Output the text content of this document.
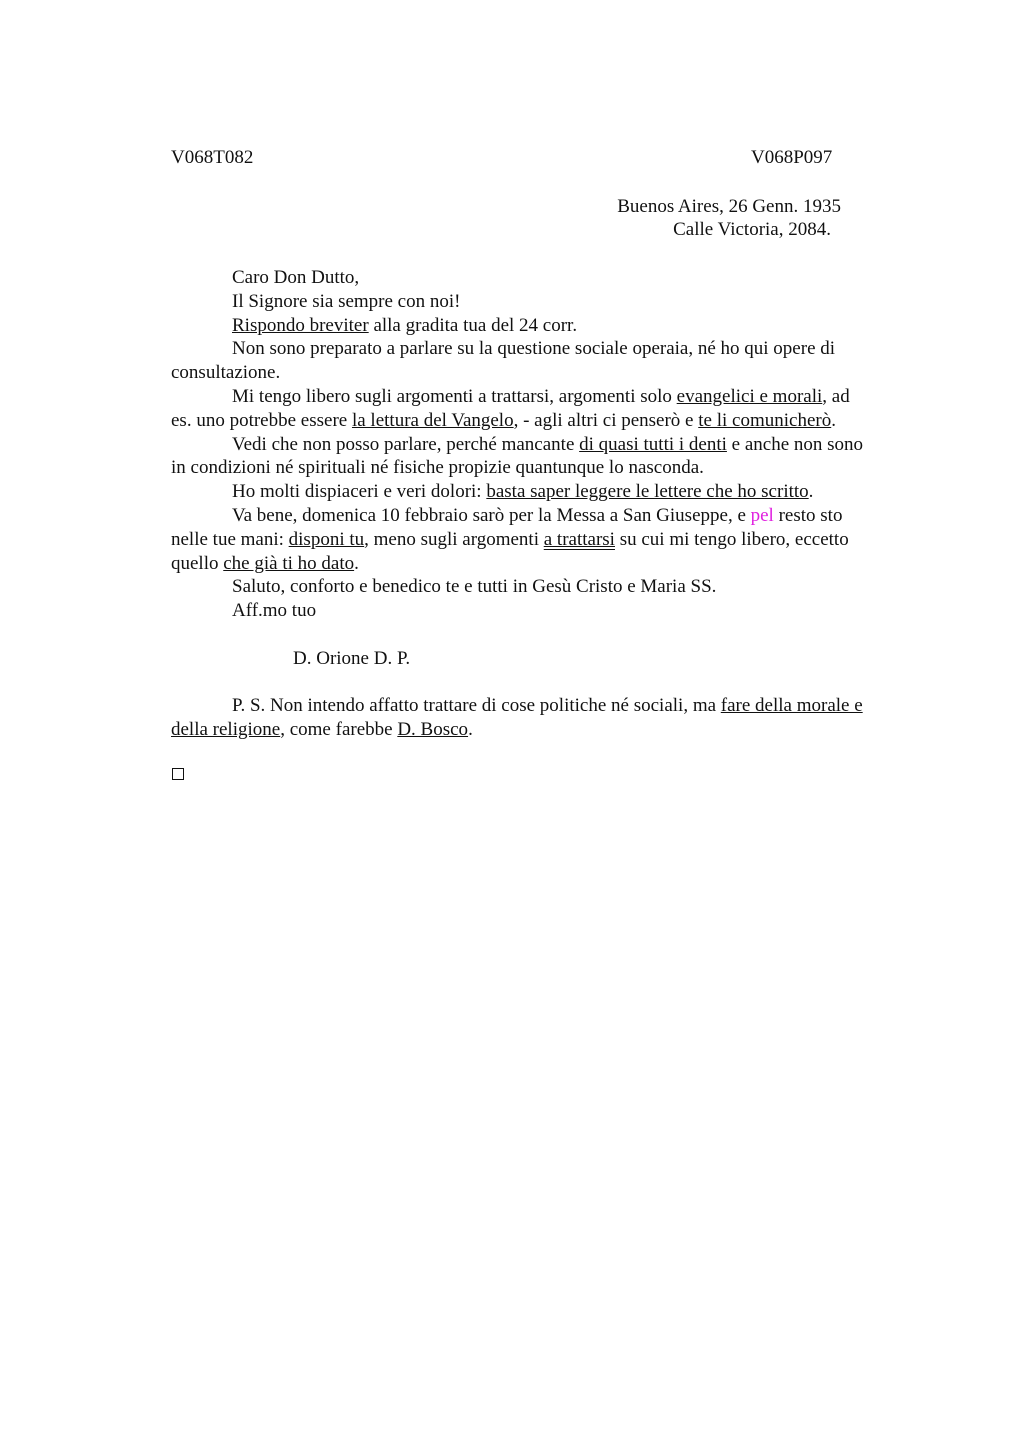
V068T082	V068P097
Buenos Aires, 26 Genn. 1935
Calle Victoria, 2084.

Caro Don Dutto,

Il Signore sia sempre con noi!

Rispondo breviter alla gradita tua del 24 corr.

Non sono preparato a parlare su la questione sociale operaia, né ho qui opere di
consultazione.
Mi tengo libero sugli argomenti a trattarsi, argomenti solo evangelici e morali, ad
es. uno potrebbe essere la lettura del Vangelo, - agli altri ci penserò e te li comunicherò.
Vedi che non posso parlare, perché mancante di quasi tutti i denti e anche non sono
in condizioni né spirituali né fisiche propizie quantunque lo nasconda.

Ho molti dispiaceri e veri dolori: basta saper leggere le lettere che ho scritto.

Va bene, domenica 10 febbraio sarò per la Messa a San Giuseppe, e pel resto sto
nelle tue mani: disponi tu, meno sugli argomenti a trattarsi su cui mi tengo libero, eccetto
quello che già ti ho dato.

Saluto, conforto e benedico te e tutti in Gesù Cristo e Maria SS.

Aff.mo tuo

D. Orione D. P.
P. S. Non intendo affatto trattare di cose politiche né sociali, ma fare della morale e
della religione, come farebbe D. Bosco.
